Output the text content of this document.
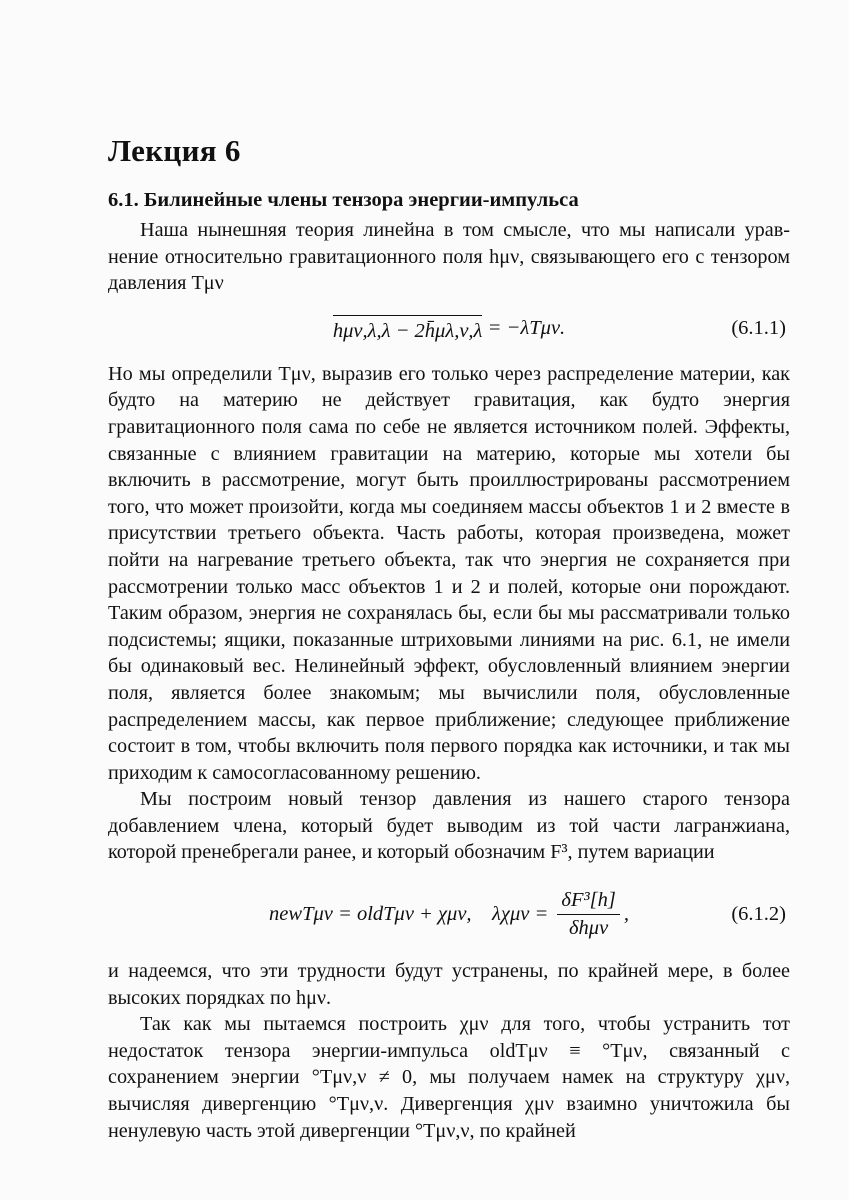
Лекция 6
6.1. Билинейные члены тензора энергии-импульса

Наша нынешняя теория линейна в том смысле, что мы написали уравнение относительно гравитационного поля hμν, связывающего его с тензором давления Tμν

hμν,λ,λ − 2h̄μλ,ν,λ = −λTμν.	(6.1.1)

Но мы определили Tμν, выразив его только через распределение материи, как будто на материю не действует гравитация, как будто энергия гравитационного поля сама по себе не является источником полей. Эффекты, связанные с влиянием гравитации на материю, которые мы хотели бы включить в рассмотрение, могут быть проиллюстрированы рассмотрением того, что может произойти, когда мы соединяем массы объектов 1 и 2 вместе в присутствии третьего объекта. Часть работы, которая произведена, может пойти на нагревание третьего объекта, так что энергия не сохраняется при рассмотрении только масс объектов 1 и 2 и полей, которые они порождают. Таким образом, энергия не сохранялась бы, если бы мы рассматривали только подсистемы; ящики, показанные штриховыми линиями на рис. 6.1, не имели бы одинаковый вес. Нелинейный эффект, обусловленный влиянием энергии поля, является более знакомым; мы вычислили поля, обусловленные распределением массы, как первое приближение; следующее приближение состоит в том, чтобы включить поля первого порядка как источники, и так мы приходим к самосогласованному решению.

Мы построим новый тензор давления из нашего старого тензора добавлением члена, который будет выводим из той части лагранжиана, которой пренебрегали ранее, и который обозначим F³, путем вариации

newTμν = oldTμν + χμν,    $\lambda\chi\mu\nu = \frac{\text{δF³[h]}}{\text{δhμν}}$ ,	(6.1.2)

и надеемся, что эти трудности будут устранены, по крайней мере, в более высоких порядках по hμν.

Так как мы пытаемся построить χμν для того, чтобы устранить тот недостаток тензора энергии-импульса oldTμν ≡ °Tμν, связанный с сохранением энергии °Tμν,ν ≠ 0, мы получаем намек на структуру χμν, вычисляя дивергенцию °Tμν,ν. Дивергенция χμν взаимно уничтожила бы ненулевую часть этой дивергенции °Tμν,ν, по крайней
